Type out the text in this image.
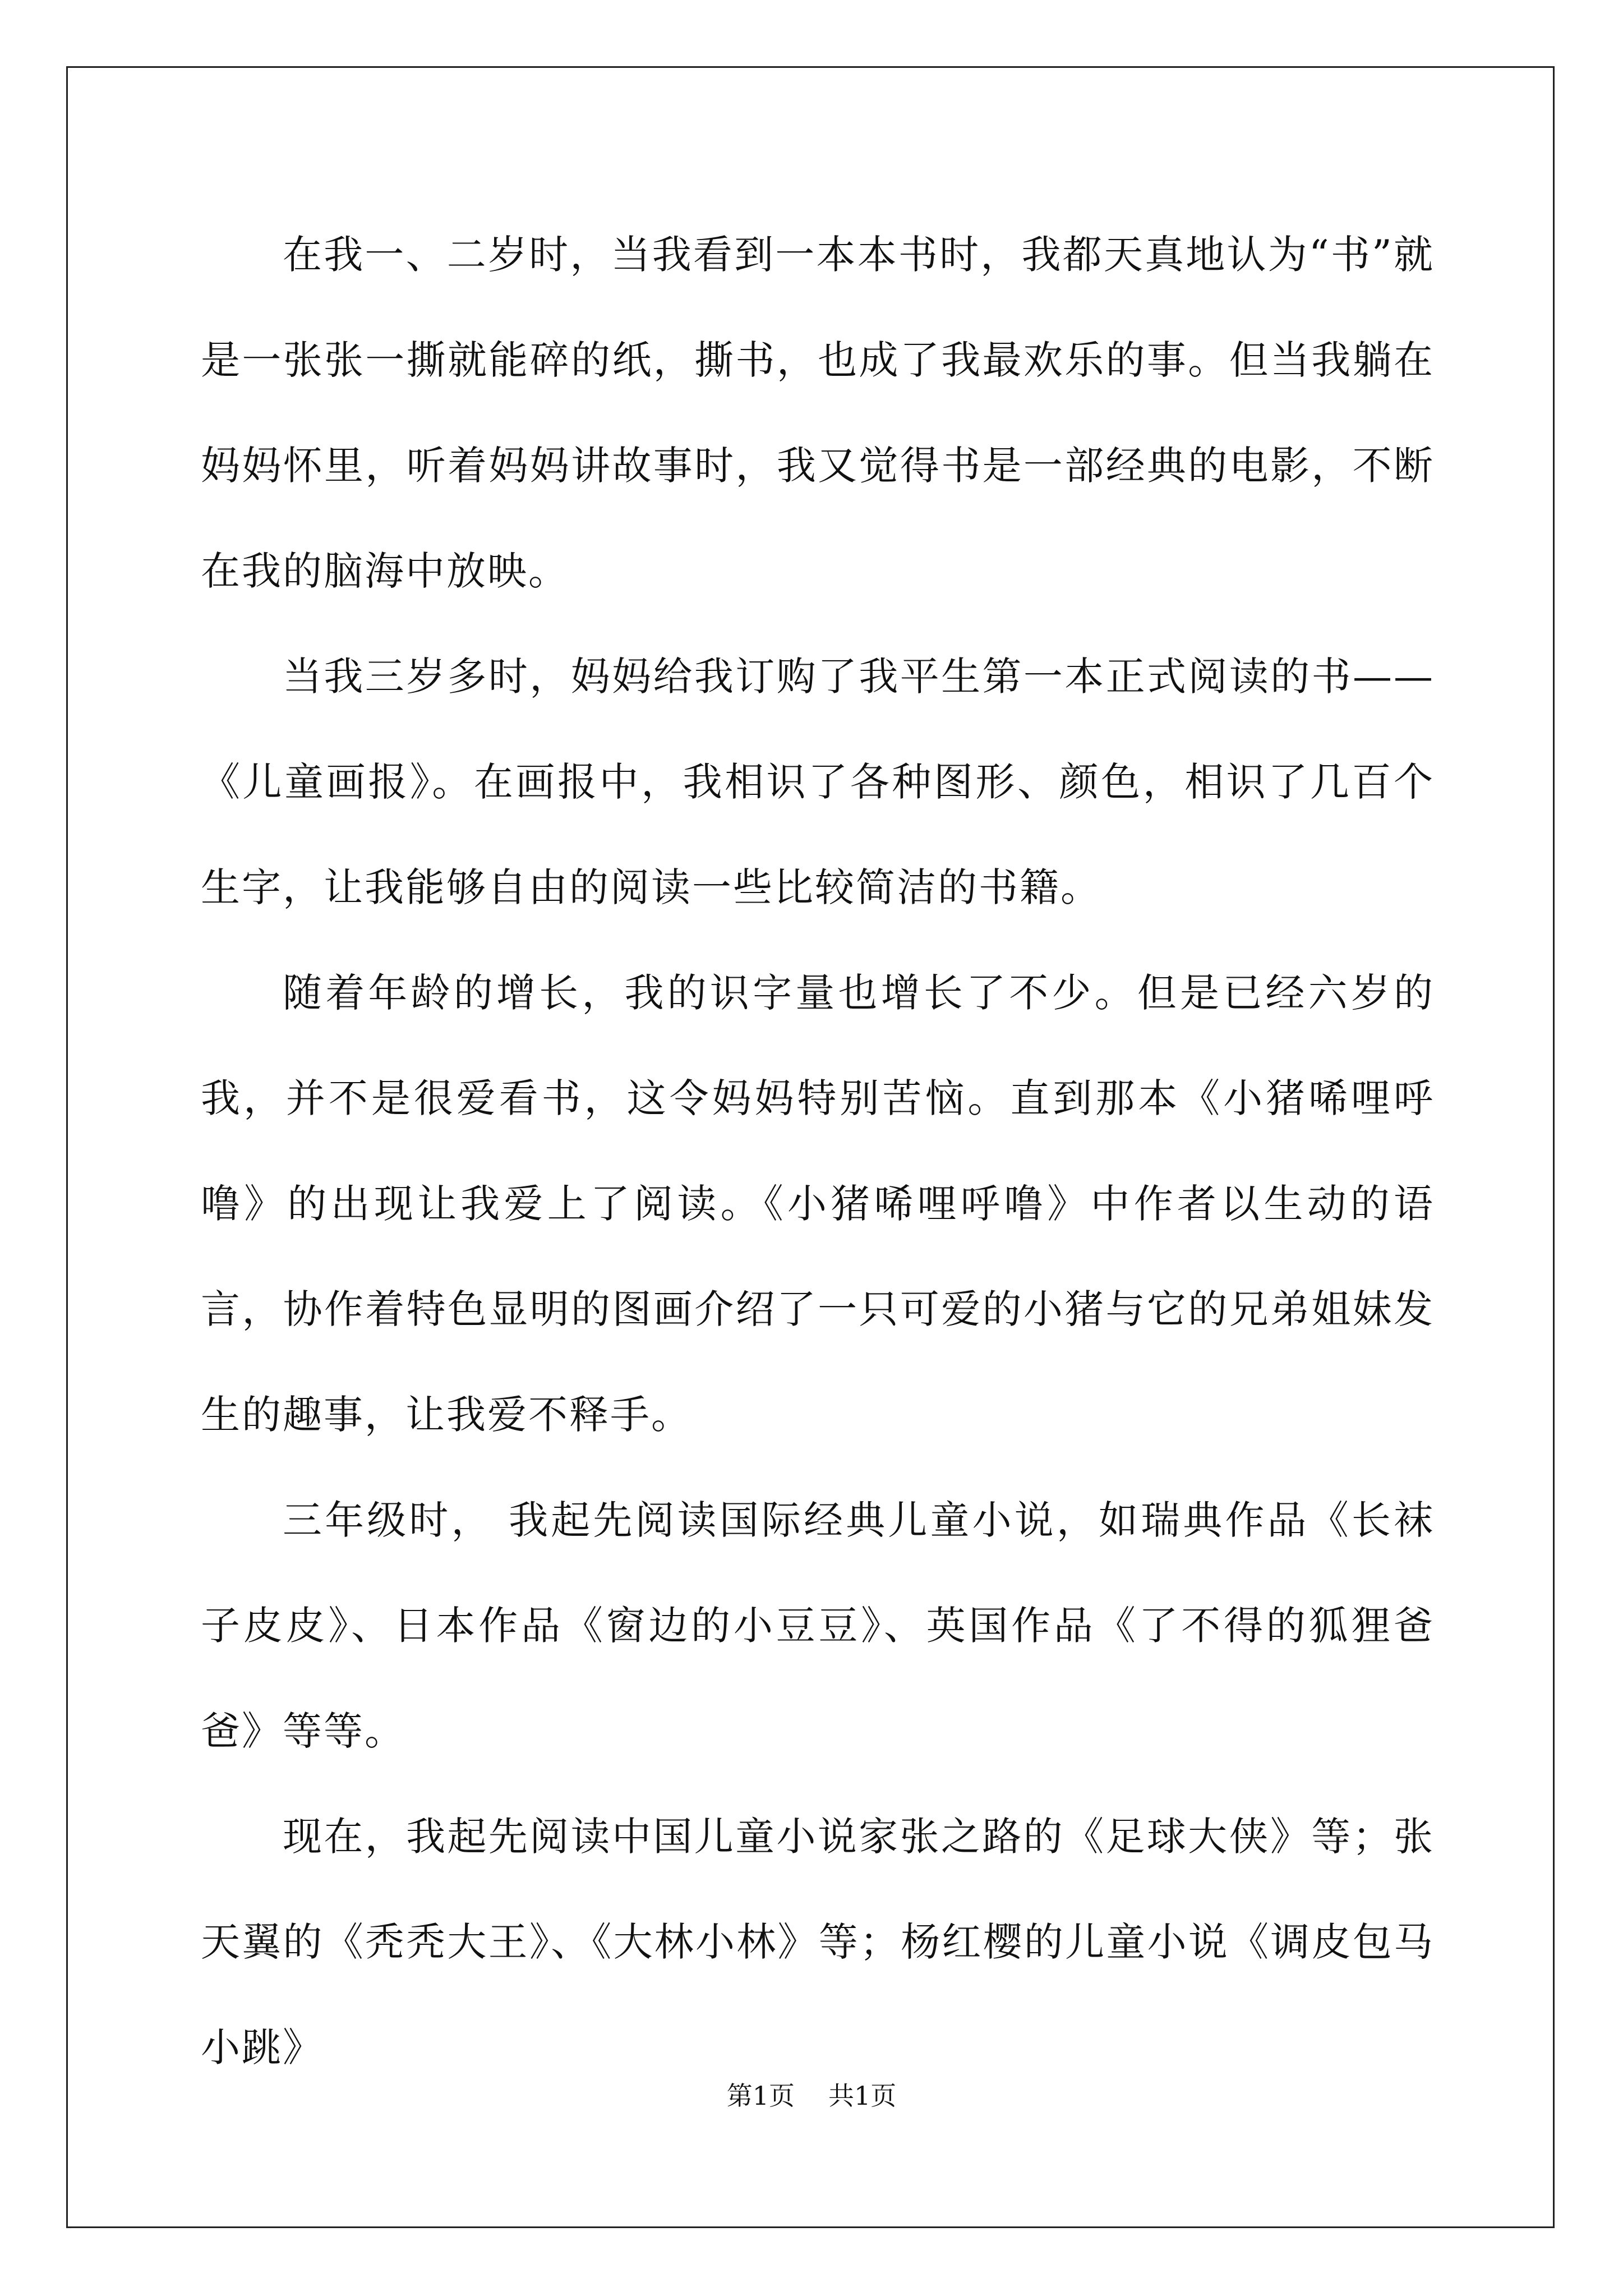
在我一、二岁时，当我看到一本本书时，我都天真地认为“书”就是一张张一撕就能碎的纸，撕书，也成了我最欢乐的事。但当我躺在妈妈怀里，听着妈妈讲故事时，我又觉得书是一部经典的电影，不断在我的脑海中放映。

当我三岁多时，妈妈给我订购了我平生第一本正式阅读的书——《儿童画报》。在画报中，我相识了各种图形、颜色，相识了几百个生字，让我能够自由的阅读一些比较简洁的书籍。

随着年龄的增长，我的识字量也增长了不少。但是已经六岁的我，并不是很爱看书，这令妈妈特别苦恼。直到那本《小猪唏哩呼噜》的出现让我爱上了阅读。《小猪唏哩呼噜》中作者以生动的语言，协作着特色显明的图画介绍了一只可爱的小猪与它的兄弟姐妹发生的趣事，让我爱不释手。

三年级时， 我起先阅读国际经典儿童小说，如瑞典作品《长袜子皮皮》、日本作品《窗边的小豆豆》、英国作品《了不得的狐狸爸爸》等等。

现在，我起先阅读中国儿童小说家张之路的《足球大侠》等；张天翼的《秃秃大王》、《大林小林》等；杨红樱的儿童小说《调皮包马小跳》

第1页 共1页
